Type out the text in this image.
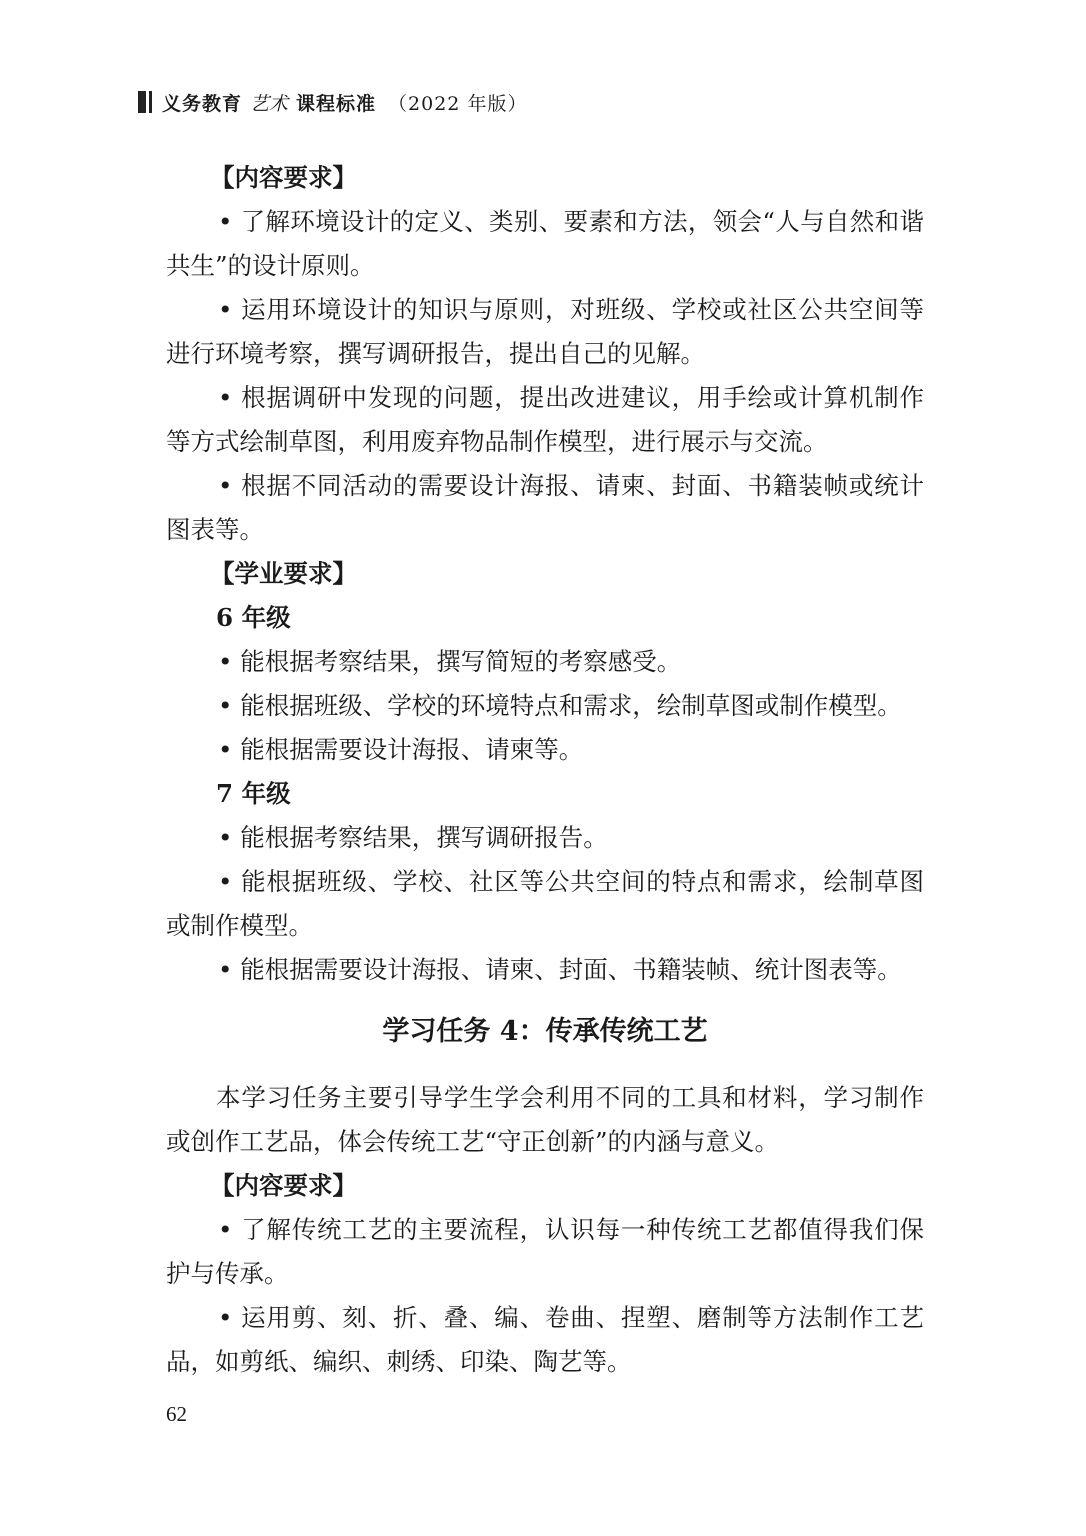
义务教育 艺术 课程标准 （2022 年版）

【内容要求】

• 了解环境设计的定义、类别、要素和方法，领会“人与自然和谐共生”的设计原则。

• 运用环境设计的知识与原则，对班级、学校或社区公共空间等进行环境考察，撰写调研报告，提出自己的见解。

• 根据调研中发现的问题，提出改进建议，用手绘或计算机制作等方式绘制草图，利用废弃物品制作模型，进行展示与交流。

• 根据不同活动的需要设计海报、请柬、封面、书籍装帧或统计图表等。

【学业要求】

6 年级

• 能根据考察结果，撰写简短的考察感受。

• 能根据班级、学校的环境特点和需求，绘制草图或制作模型。

• 能根据需要设计海报、请柬等。

7 年级

• 能根据考察结果，撰写调研报告。

• 能根据班级、学校、社区等公共空间的特点和需求，绘制草图或制作模型。

• 能根据需要设计海报、请柬、封面、书籍装帧、统计图表等。

学习任务 4：传承传统工艺

本学习任务主要引导学生学会利用不同的工具和材料，学习制作或创作工艺品，体会传统工艺“守正创新”的内涵与意义。

【内容要求】

• 了解传统工艺的主要流程，认识每一种传统工艺都值得我们保护与传承。

• 运用剪、刻、折、叠、编、卷曲、捏塑、磨制等方法制作工艺品，如剪纸、编织、刺绣、印染、陶艺等。

62
